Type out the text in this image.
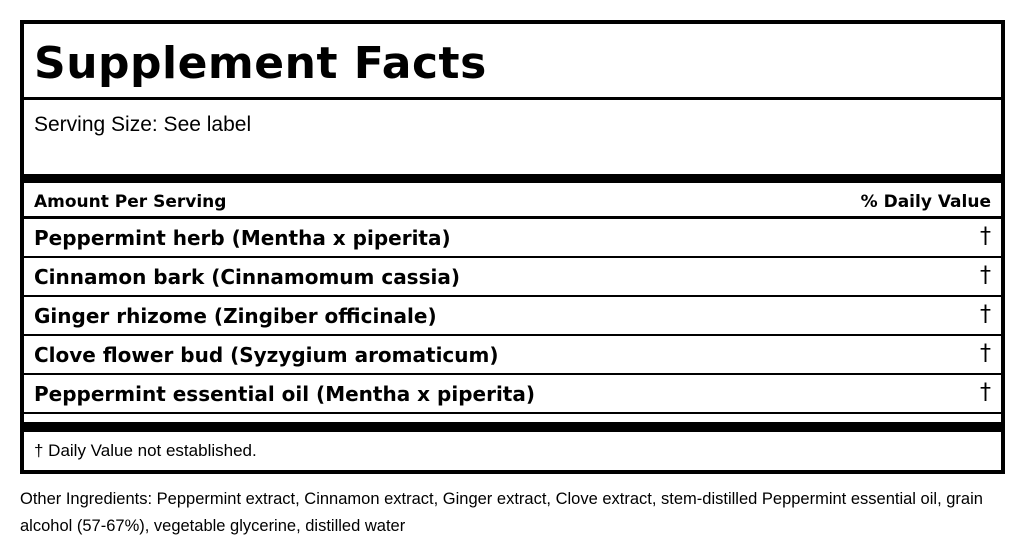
Supplement Facts
Serving Size: See label
Amount Per Serving	% Daily Value
Peppermint herb (Mentha x piperita)	†
Cinnamon bark (Cinnamomum cassia)	†
Ginger rhizome (Zingiber officinale)	†
Clove flower bud (Syzygium aromaticum)	†
Peppermint essential oil (Mentha x piperita)	†
† Daily Value not established.
Other Ingredients: Peppermint extract, Cinnamon extract, Ginger extract, Clove extract, stem-distilled Peppermint essential oil, grain alcohol (57-67%), vegetable glycerine, distilled water
